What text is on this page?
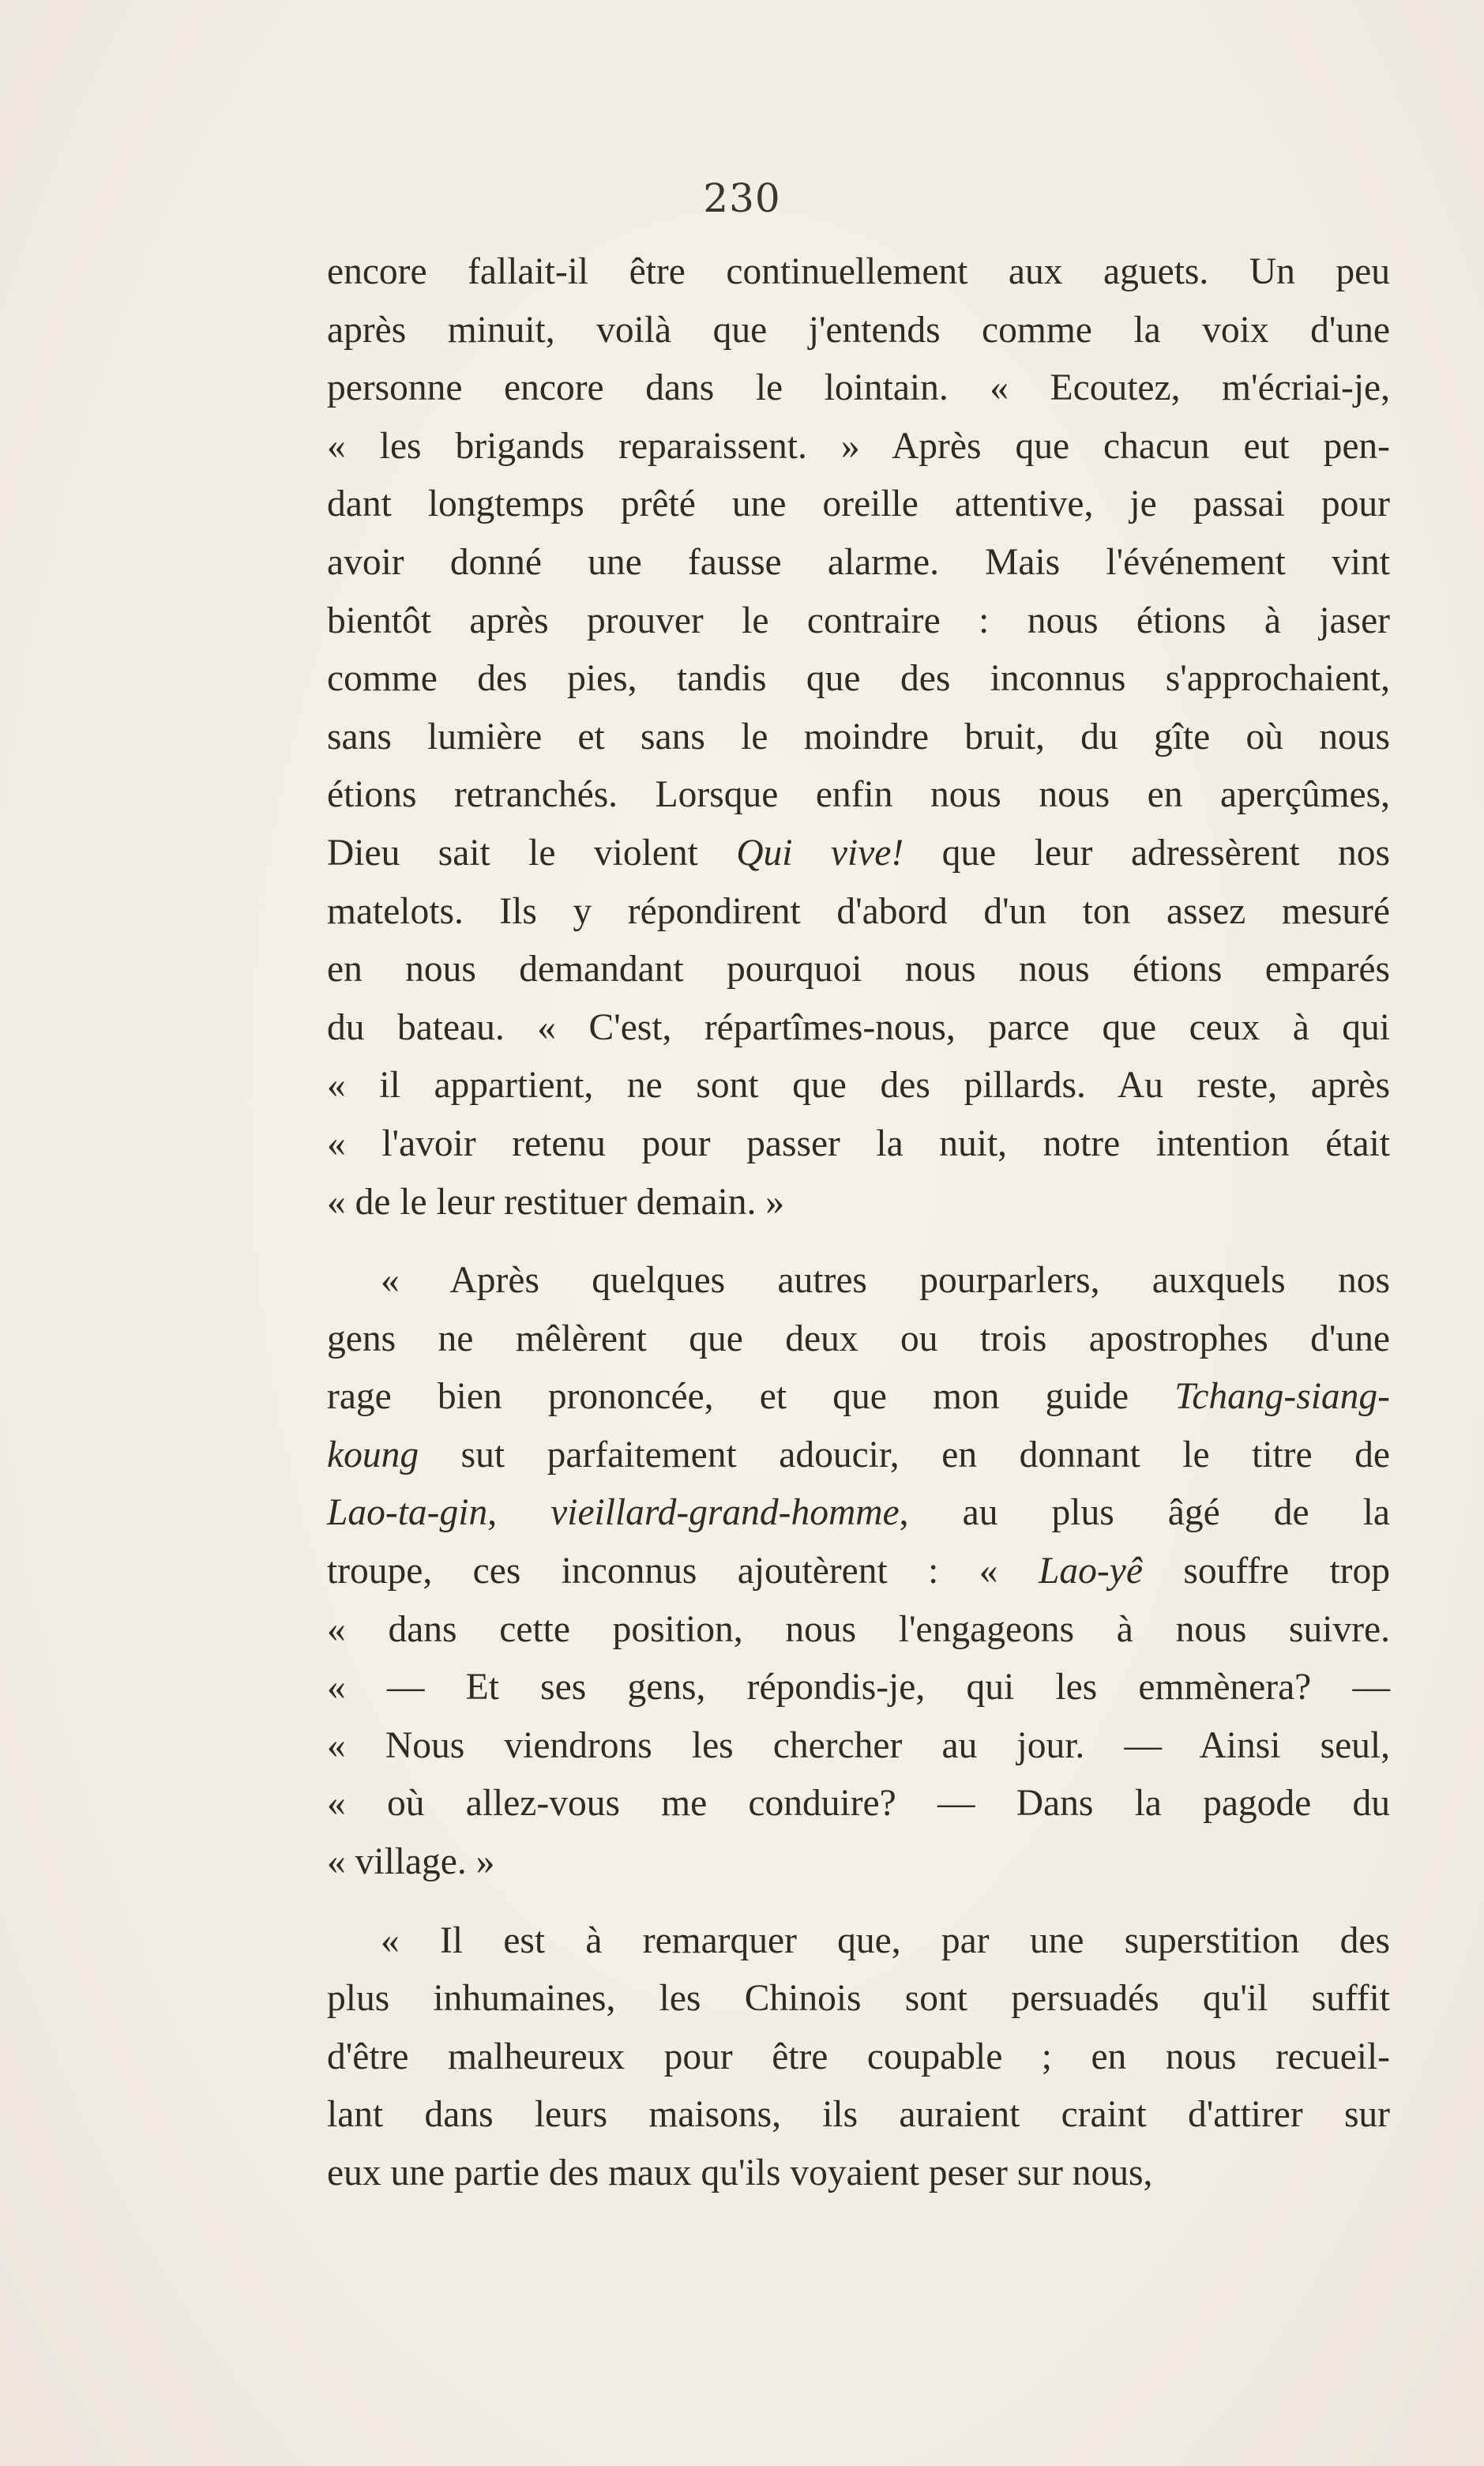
230
encore fallait-il être continuellement aux aguets. Un peu
après minuit, voilà que j'entends comme la voix d'une
personne encore dans le lointain. « Ecoutez, m'écriai-je,
« les brigands reparaissent. » Après que chacun eut pen-
dant longtemps prêté une oreille attentive, je passai pour
avoir donné une fausse alarme. Mais l'événement vint
bientôt après prouver le contraire : nous étions à jaser
comme des pies, tandis que des inconnus s'approchaient,
sans lumière et sans le moindre bruit, du gîte où nous
étions retranchés. Lorsque enfin nous nous en aperçûmes,
Dieu sait le violent Qui vive! que leur adressèrent nos
matelots. Ils y répondirent d'abord d'un ton assez mesuré
en nous demandant pourquoi nous nous étions emparés
du bateau. « C'est, répartîmes-nous, parce que ceux à qui
« il appartient, ne sont que des pillards. Au reste, après
« l'avoir retenu pour passer la nuit, notre intention était
« de le leur restituer demain. »
« Après quelques autres pourparlers, auxquels nos
gens ne mêlèrent que deux ou trois apostrophes d'une
rage bien prononcée, et que mon guide Tchang-siang-
koung sut parfaitement adoucir, en donnant le titre de
Lao-ta-gin, vieillard-grand-homme, au plus âgé de la
troupe, ces inconnus ajoutèrent : « Lao-yê souffre trop
« dans cette position, nous l'engageons à nous suivre.
« — Et ses gens, répondis-je, qui les emmènera? —
« Nous viendrons les chercher au jour. — Ainsi seul,
« où allez-vous me conduire? — Dans la pagode du
« village. »
« Il est à remarquer que, par une superstition des
plus inhumaines, les Chinois sont persuadés qu'il suffit
d'être malheureux pour être coupable ; en nous recueil-
lant dans leurs maisons, ils auraient craint d'attirer sur
eux une partie des maux qu'ils voyaient peser sur nous,
